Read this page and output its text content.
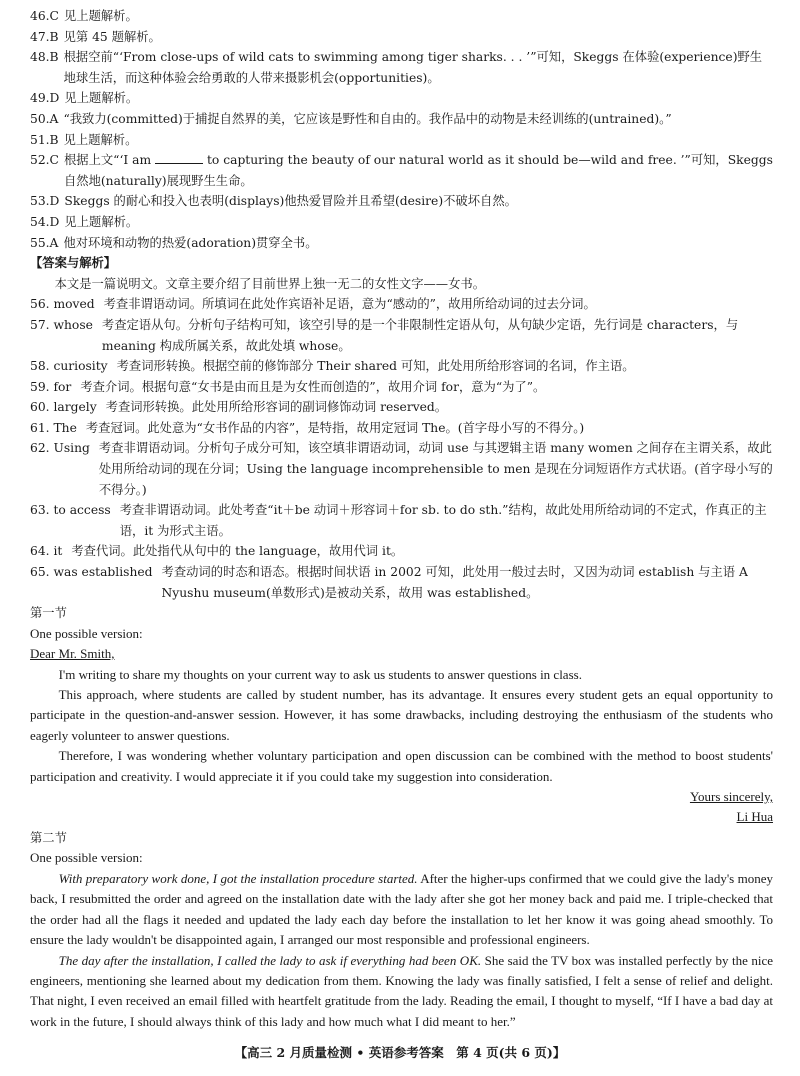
46.C 见上题解析。
47.B 见第 45 题解析。
48.B 根据空前“‘From close-ups of wild cats to swimming among tiger sharks. . . ’”可知，Skeggs 在体验(experience)野生地球生活，而这种体验会给勇敢的人带来摄影机会(opportunities)。
49.D 见上题解析。
50.A “我致力(committed)于捕捉自然界的美，它应该是野性和自由的。我作品中的动物是未经训练的(untrained)。”
51.B 见上题解析。
52.C 根据上文“‘I am	to capturing the beauty of our natural world as it should be—wild and free. ’”可知，Skeggs 自然地(naturally)展现野生生命。
53.D Skeggs 的耐心和投入也表明(displays)他热爱冒险并且希望(desire)不破坏自然。
54.D 见上题解析。
55.A 他对环境和动物的热爱(adoration)贯穿全书。
【答案与解析】
本文是一篇说明文。文章主要介绍了目前世界上独一无二的女性文字——女书。
56. moved 考查非谓语动词。所填词在此处作宾语补足语，意为“感动的”，故用所给动词的过去分词。
57. whose 考查定语从句。分析句子结构可知，该空引导的是一个非限制性定语从句，从句缺少定语，先行词是 characters，与meaning 构成所属关系，故此处填 whose。
58. curiosity 考查词形转换。根据空前的修饰部分 Their shared 可知，此处用所给形容词的名词，作主语。
59. for 考查介词。根据句意“女书是由而且是为女性而创造的”，故用介词 for，意为“为了”。
60. largely 考查词形转换。此处用所给形容词的副词修饰动词 reserved。
61. The 考查冠词。此处意为“女书作品的内容”，是特指，故用定冠词 The。(首字母小写的不得分。)
62. Using 考查非谓语动词。分析句子成分可知，该空填非谓语动词，动词 use 与其逻辑主语 many women 之间存在主谓关系，故此处用所给动词的现在分词；Using the language incomprehensible to men 是现在分词短语作方式状语。(首字母小写的不得分。)
63. to access 考查非谓语动词。此处考查“it＋be 动词＋形容词＋for sb. to do sth.”结构，故此处用所给动词的不定式，作真正的主语，it 为形式主语。
64. it 考查代词。此处指代从句中的 the language，故用代词 it。
65. was established 考查动词的时态和语态。根据时间状语 in 2002 可知，此处用一般过去时，又因为动词 establish 与主语 A Nyushu museum(单数形式)是被动关系，故用 was established。
第一节

One possible version:

Dear Mr. Smith,

I'm writing to share my thoughts on your current way to ask us students to answer questions in class.

This approach, where students are called by student number, has its advantage. It ensures every student gets an equal opportunity to participate in the question-and-answer session. However, it has some drawbacks, including destroying the enthusiasm of the students who eagerly volunteer to answer questions.

Therefore, I was wondering whether voluntary participation and open discussion can be combined with the method to boost students' participation and creativity. I would appreciate it if you could take my suggestion into consideration.

Yours sincerely,

Li Hua

第二节

One possible version:

With preparatory work done, I got the installation procedure started. After the higher-ups confirmed that we could give the lady's money back, I resubmitted the order and agreed on the installation date with the lady after she got her money back and paid me. I triple-checked that the order had all the flags it needed and updated the lady each day before the installation to let her know it was going ahead smoothly. To ensure the lady wouldn't be disappointed again, I arranged our most responsible and professional engineers.

The day after the installation, I called the lady to ask if everything had been OK. She said the TV box was installed perfectly by the nice engineers, mentioning she learned about my dedication from them. Knowing the lady was finally satisfied, I felt a sense of relief and delight. That night, I even received an email filled with heartfelt gratitude from the lady. Reading the email, I thought to myself, “If I have a bad day at work in the future, I should always think of this lady and how much what I did meant to her.”

【高三 2 月质量检测 • 英语参考答案　第 4 页(共 6 页)】
